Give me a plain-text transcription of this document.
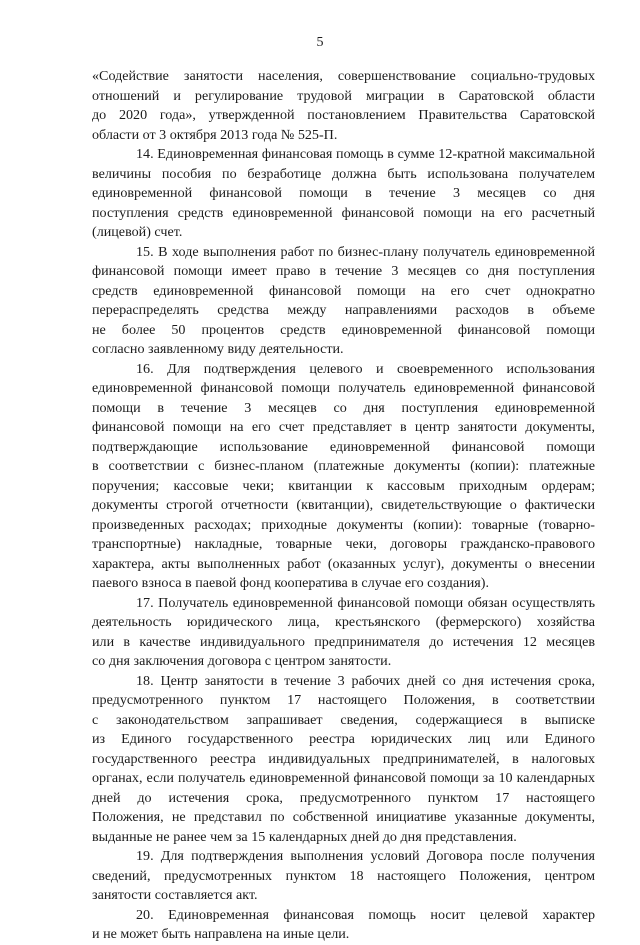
5
«Содействие занятости населения, совершенствование социально-трудовых
отношений и регулирование трудовой миграции в Саратовской области
до 2020 года», утвержденной постановлением Правительства Саратовской
области от 3 октября 2013 года № 525-П.
14. Единовременная финансовая помощь в сумме 12-кратной максимальной
величины пособия по безработице должна быть использована получателем
единовременной финансовой помощи в течение 3 месяцев со дня
поступления средств единовременной финансовой помощи на его расчетный
(лицевой) счет.
15. В ходе выполнения работ по бизнес-плану получатель единовременной
финансовой помощи имеет право в течение 3 месяцев со дня поступления
средств единовременной финансовой помощи на его счет однократно
перераспределять средства между направлениями расходов в объеме
не более 50 процентов средств единовременной финансовой помощи
согласно заявленному виду деятельности.
16. Для подтверждения целевого и своевременного использования
единовременной финансовой помощи получатель единовременной финансовой
помощи в течение 3 месяцев со дня поступления единовременной
финансовой помощи на его счет представляет в центр занятости документы,
подтверждающие использование единовременной финансовой помощи
в соответствии с бизнес-планом (платежные документы (копии): платежные
поручения; кассовые чеки; квитанции к кассовым приходным ордерам;
документы строгой отчетности (квитанции), свидетельствующие о фактически
произведенных расходах; приходные документы (копии): товарные (товарно-
транспортные) накладные, товарные чеки, договоры гражданско-правового
характера, акты выполненных работ (оказанных услуг), документы о внесении
паевого взноса в паевой фонд кооператива в случае его создания).
17. Получатель единовременной финансовой помощи обязан осуществлять
деятельность юридического лица, крестьянского (фермерского) хозяйства
или в качестве индивидуального предпринимателя до истечения 12 месяцев
со дня заключения договора с центром занятости.
18. Центр занятости в течение 3 рабочих дней со дня истечения срока,
предусмотренного пунктом 17 настоящего Положения, в соответствии
с законодательством запрашивает сведения, содержащиеся в выписке
из Единого государственного реестра юридических лиц или Единого
государственного реестра индивидуальных предпринимателей, в налоговых
органах, если получатель единовременной финансовой помощи за 10 календарных
дней до истечения срока, предусмотренного пунктом 17 настоящего
Положения, не представил по собственной инициативе указанные документы,
выданные не ранее чем за 15 календарных дней до дня представления.
19. Для подтверждения выполнения условий Договора после получения
сведений, предусмотренных пунктом 18 настоящего Положения, центром
занятости составляется акт.
20. Единовременная финансовая помощь носит целевой характер
и не может быть направлена на иные цели.
